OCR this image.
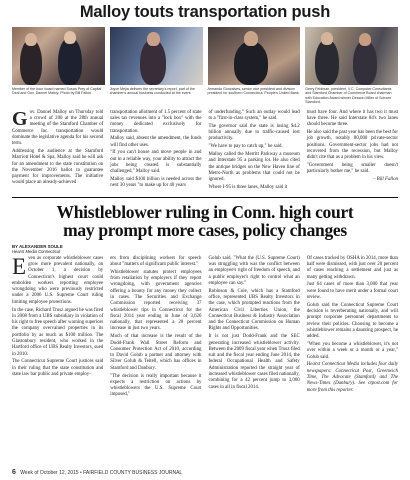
Malloy touts transportation push
Member of the hour board named Susan Prey of Capital Deal and Gov. Dannel Malloy. Photo by Bill Fallon
Joyce Mejia delivers the secretary's report, part of the chamber's annual business conducted at the event.
Armando Gonzalves, senior vice president and division president for southern Connecticut, People's United Bank.
Gerry Feldman, president, V.C. Computer Consultants and Stamford Chamber of Commerce Board chairman with Education Award winner Deacon Miller of Schoen Stamford.

Gov. Dannel Malloy on Thursday told a crowd of 200 at the 28th annual meeting of the Stamford Chamber of Commerce Inc. transportation would dominate the legislative agenda for his second term.

Addressing the audience at the Stamford Marriott Hotel & Spa, Malloy said he will ask for an amendment to the state constitution on the November 2016 ballot to guarantee payment for improvements. The initiative would place an already-achieved

transportation allotment of 1.5 percent of state sales tax revenues into a "lock box" with the money dedicated exclusively for transportation.

Malloy said, absent the amendment, the funds will find other uses.

"If you can't house and move people in and out in a reliable way, your ability to attract the jobs being created is substantially challenged," Malloy said.

Malloy said $100 billion is needed across the next 30 years "to make up for 40 years

of underfunding." Such an outlay would lead to a "first-in-class system," he said.

The governor said the state is losing $4.2 billion annually due to traffic-caused lost productivity.

"We have to pay to catch up," he said.

Malloy called the Merritt Parkway a museum and Interstate 95 a parking lot. He also cited the antique bridges on the New Haven line of Metro-North as problems that could not be ignored.

Where I-95 is three lanes, Malloy said it

must have four. And where it has two it must have three. He said Interstate 84's two lanes should become three.

He also said the past year has been the best for job growth, notably 80,000 private-sector positions. Government-sector jobs had not recovered from the recession, but Malloy didn't cite that as a problem in his view.

"Government being smaller doesn't particularly bother me," he said.

– Bill Fallon

Whistleblower ruling in Conn. high court
may prompt more cases, policy changes
BY ALEXANDER SOULE
Hearst Media Connecticut

Even as corporate whistleblower cases grow more prevalent nationally, on October 1, a decision by Connecticut's highest court could embolden workers reporting employee wrongdoing who were previously restricted under a 2006 U.S. Supreme Court ruling limiting employee protections.

In the case, Richard Trusz argued he was fired in 2008 from a UBS subsidiary in violation of his right to free speech after warning superiors the company overvalued properties in its portfolio by as much as $100 million. The Glastonbury resident, who worked in the Hartford office of UBS Realty Investors, sued in 2010.

The Connecticut Supreme Court justices said in their ruling that the state constitution and state law bar public and private employ-

ers from disciplining workers for speech about "matters of significant public interest."

Whistleblower statutes protect employees from retaliation by employers if they report wrongdoing, with government agencies offering a bounty for any money they collect in cases. The Securities and Exchange Commission reported receiving 37 whistleblower tips in Connecticut for the fiscal 2014 year ending in June of 3,620 nationally, that represented a 20 percent increase in just two years.

Much of that increase is the result of the Dodd-Frank Wall Street Reform and Consumer Protection Act of 2010, according to David Golub a partner and attorney with Silver Golub & Teitell, which has offices in Stamford and Danbury.

"The decision is really important because it expects a restriction on actions by whistleblowers the U.S. Supreme Court imposed,"

Golub said. "What the (U.S. Supreme Court) was struggling with was the conflict between an employee's right of freedom of speech, and a public employer's right to control what an employee can say."

Robinson & Cole, which has a Stamford office, represented UBS Realty Investors in the case, which prompted reactions from the American Civil Liberties Union, the Connecticut Business & Industry Association and the Connecticut Commission on Human Rights and Opportunities.

It is not just Dodd-Frank and the SEC generating increased whistleblower activity. Between the 2009 fiscal year when Trusz filed suit and the fiscal year ending June 2014, the federal Occupational Health and Safety Administration reported the straight year of increased whistleblower cases filed nationally, combining for a 42 percent jump to 3,060 cases in all in fiscal 2014.

Of cases tracked by OSHA in 2014, more than half were dismissed, with just over 20 percent of cases reaching a settlement and just as many getting withdrawn.

Just 64 cases of more than 3,000 that year were found to have merit under a formal court review.

Golub said the Connecticut Supreme Court decision is reverberating nationally, and will prompt corporate personnel departments to review their policies. Choosing to become a whistleblower remains a daunting prospect, he added.

"When you become a whistleblower, it's not over within a week or a month or a year," Golub said.

Hearst Connecticut Media includes four daily newspapers: Connecticut Post, Greenwich Time, The Advocate (Stamford) and The News-Times (Danbury). See ctpost.com for more from this reporter.

6 Week of October 12, 2015 • FAIRFIELD COUNTY BUSINESS JOURNAL
